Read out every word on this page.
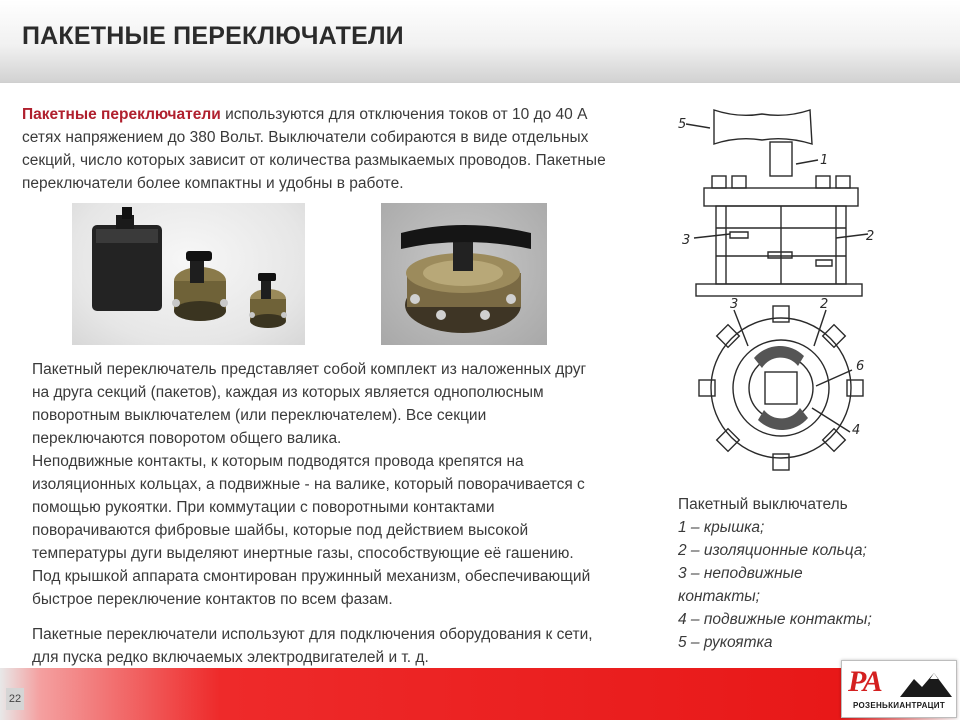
ПАКЕТНЫЕ ПЕРЕКЛЮЧАТЕЛИ
Пакетные переключатели используются для отключения токов от 10 до 40 А
сетях напряжением до 380 Вольт. Выключатели собираются в виде отдельных
секций, число которых зависит от количества размыкаемых проводов. Пакетные
переключатели более компактны и удобны в работе.

Пакетный переключатель представляет собой комплект из наложенных друг

на друга секций (пакетов), каждая из которых является однополюсным

поворотным выключателем (или переключателем). Все секции

переключаются поворотом общего валика.

Неподвижные контакты, к которым подводятся провода крепятся на

изоляционных кольцах, а подвижные - на валике, который поворачивается с

помощью рукоятки. При коммутации с поворотными контактами

поворачиваются фибровые шайбы, которые под действием высокой

температуры дуги выделяют инертные газы, способствующие её гашению.

Под крышкой аппарата смонтирован пружинный механизм, обеспечивающий

быстрое переключение контактов по всем фазам.

Пакетные переключатели используют для подключения оборудования к сети,

для пуска редко включаемых электродвигателей и т. д.

5
1
3	2
3	2
6
4

Пакетный выключатель

1 – крышка;

2 – изоляционные кольца;

3 – неподвижные

контакты;

4 – подвижные контакты;

5 – рукоятка

22
РА
РОЗЕНЬКИАНТРАЦИТ
